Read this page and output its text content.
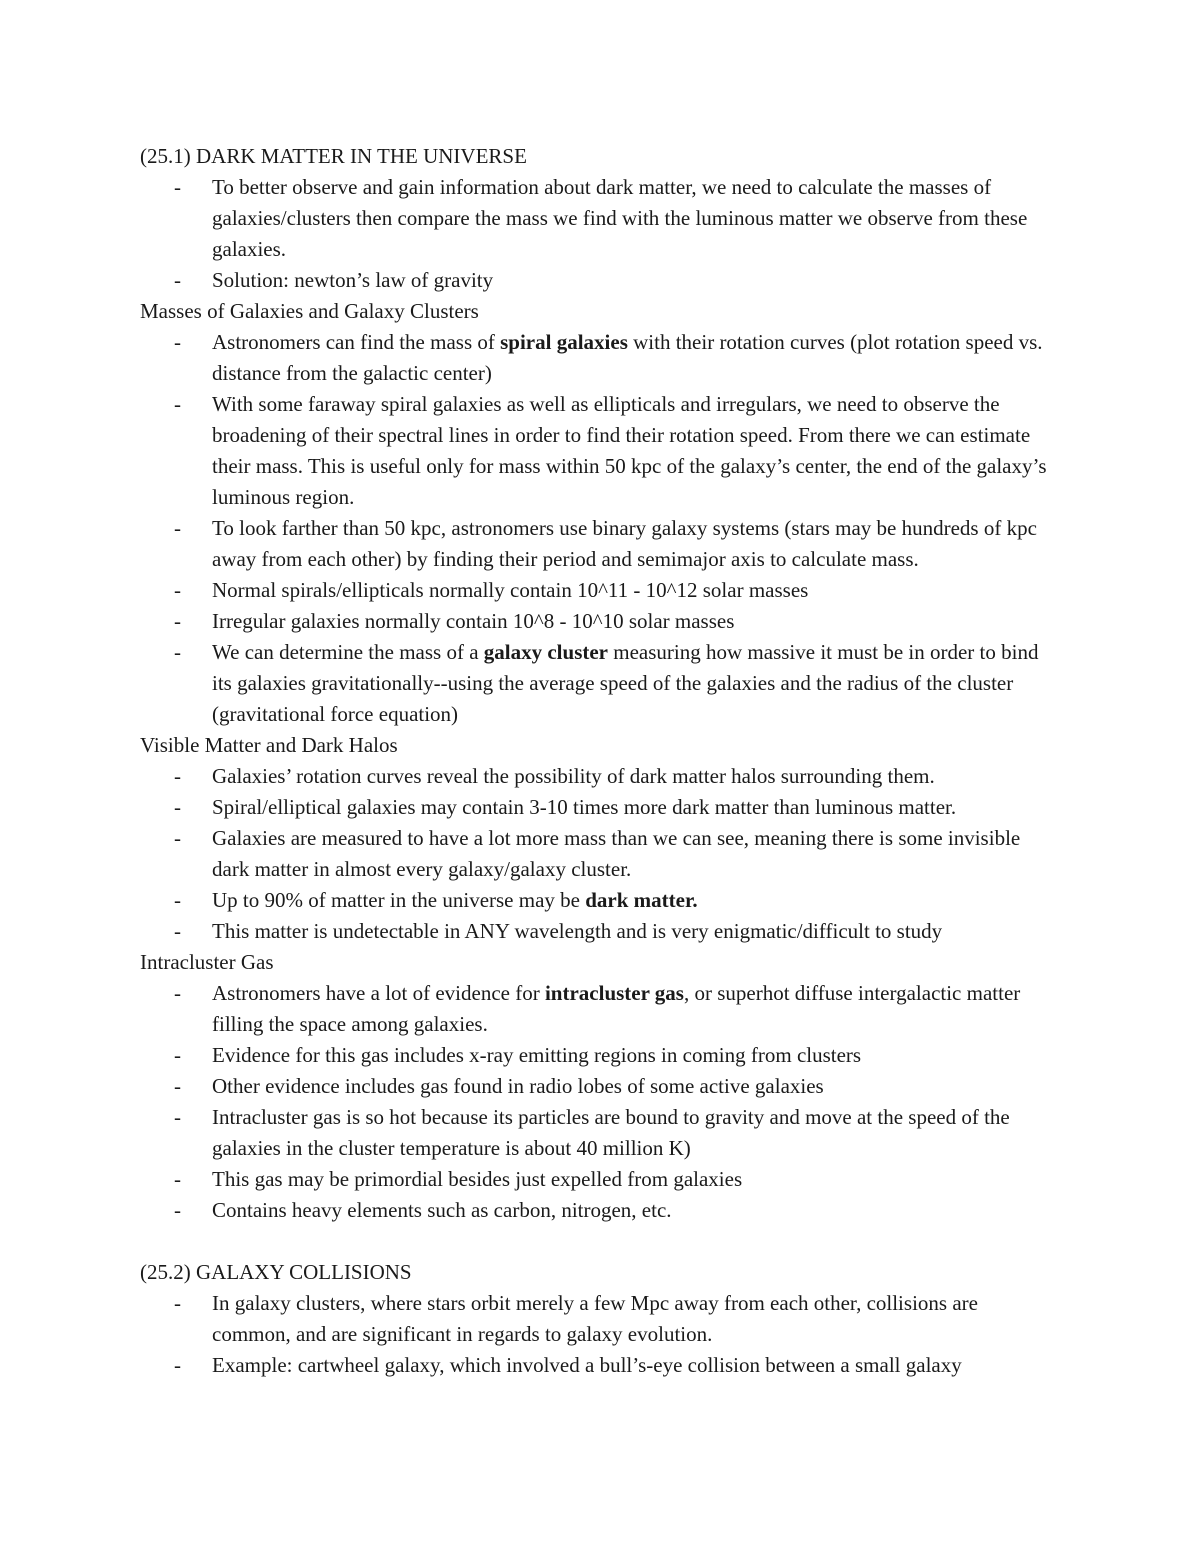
(25.1) DARK MATTER IN THE UNIVERSE

- To better observe and gain information about dark matter, we need to calculate the masses of galaxies/clusters then compare the mass we find with the luminous matter we observe from these galaxies.
- Solution: newton’s law of gravity

Masses of Galaxies and Galaxy Clusters

- Astronomers can find the mass of spiral galaxies with their rotation curves (plot rotation speed vs. distance from the galactic center)
- With some faraway spiral galaxies as well as ellipticals and irregulars, we need to observe the broadening of their spectral lines in order to find their rotation speed. From there we can estimate their mass. This is useful only for mass within 50 kpc of the galaxy’s center, the end of the galaxy’s luminous region.
- To look farther than 50 kpc, astronomers use binary galaxy systems (stars may be hundreds of kpc away from each other) by finding their period and semimajor axis to calculate mass.
- Normal spirals/ellipticals normally contain 10^11 - 10^12 solar masses
- Irregular galaxies normally contain 10^8 - 10^10 solar masses
- We can determine the mass of a galaxy cluster measuring how massive it must be in order to bind its galaxies gravitationally--using the average speed of the galaxies and the radius of the cluster (gravitational force equation)

Visible Matter and Dark Halos

- Galaxies’ rotation curves reveal the possibility of dark matter halos surrounding them.
- Spiral/elliptical galaxies may contain 3-10 times more dark matter than luminous matter.
- Galaxies are measured to have a lot more mass than we can see, meaning there is some invisible dark matter in almost every galaxy/galaxy cluster.
- Up to 90% of matter in the universe may be dark matter.
- This matter is undetectable in ANY wavelength and is very enigmatic/difficult to study

Intracluster Gas

- Astronomers have a lot of evidence for intracluster gas, or superhot diffuse intergalactic matter filling the space among galaxies.
- Evidence for this gas includes x-ray emitting regions in coming from clusters
- Other evidence includes gas found in radio lobes of some active galaxies
- Intracluster gas is so hot because its particles are bound to gravity and move at the speed of the galaxies in the cluster temperature is about 40 million K)
- This gas may be primordial besides just expelled from galaxies
- Contains heavy elements such as carbon, nitrogen, etc.

(25.2) GALAXY COLLISIONS

- In galaxy clusters, where stars orbit merely a few Mpc away from each other, collisions are common, and are significant in regards to galaxy evolution.
- Example: cartwheel galaxy, which involved a bull’s-eye collision between a small galaxy
